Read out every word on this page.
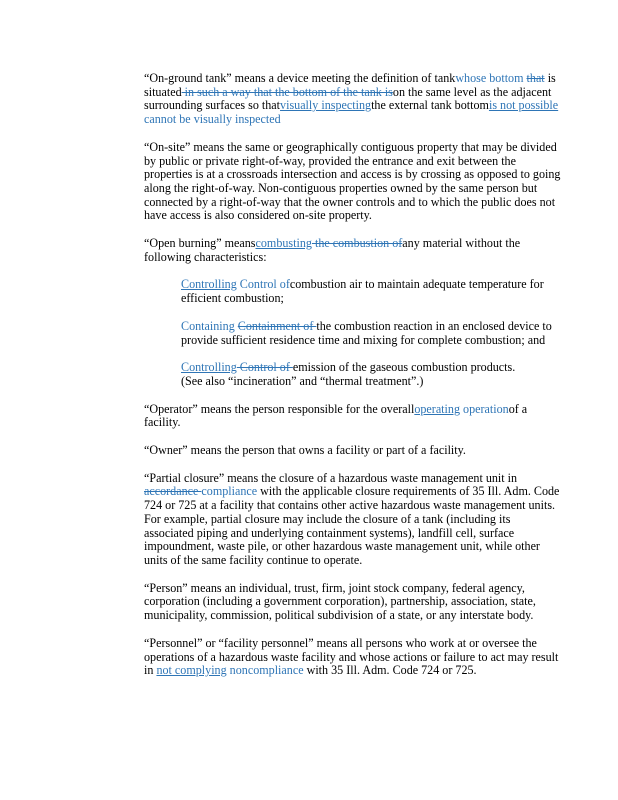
“On-ground tank” means a device meeting the definition of tankwhose bottom that is situated in such a way that the bottom of the tank ison the same level as the adjacent surrounding surfaces so thatvisually inspectingthe external tank bottomis not possible cannot be visually inspected

“On-site” means the same or geographically contiguous property that may be divided by public or private right-of-way, provided the entrance and exit between the properties is at a crossroads intersection and access is by crossing as opposed to going along the right-of-way. Non-contiguous properties owned by the same person but connected by a right-of-way that the owner controls and to which the public does not have access is also considered on-site property.

“Open burning” meanscombusting the combustion ofany material without the following characteristics:

Controlling Control ofcombustion air to maintain adequate temperature for efficient combustion;

Containing Containment of the combustion reaction in an enclosed device to provide sufficient residence time and mixing for complete combustion; and

Controlling Control of emission of the gaseous combustion products.
(See also “incineration” and “thermal treatment”.)

“Operator” means the person responsible for the overalloperating operationof a facility.

“Owner” means the person that owns a facility or part of a facility.

“Partial closure” means the closure of a hazardous waste management unit in accordance compliance with the applicable closure requirements of 35 Ill. Adm. Code 724 or 725 at a facility that contains other active hazardous waste management units. For example, partial closure may include the closure of a tank (including its associated piping and underlying containment systems), landfill cell, surface impoundment, waste pile, or other hazardous waste management unit, while other units of the same facility continue to operate.

“Person” means an individual, trust, firm, joint stock company, federal agency, corporation (including a government corporation), partnership, association, state, municipality, commission, political subdivision of a state, or any interstate body.

“Personnel” or “facility personnel” means all persons who work at or oversee the operations of a hazardous waste facility and whose actions or failure to act may result in not complying noncompliance with 35 Ill. Adm. Code 724 or 725.
